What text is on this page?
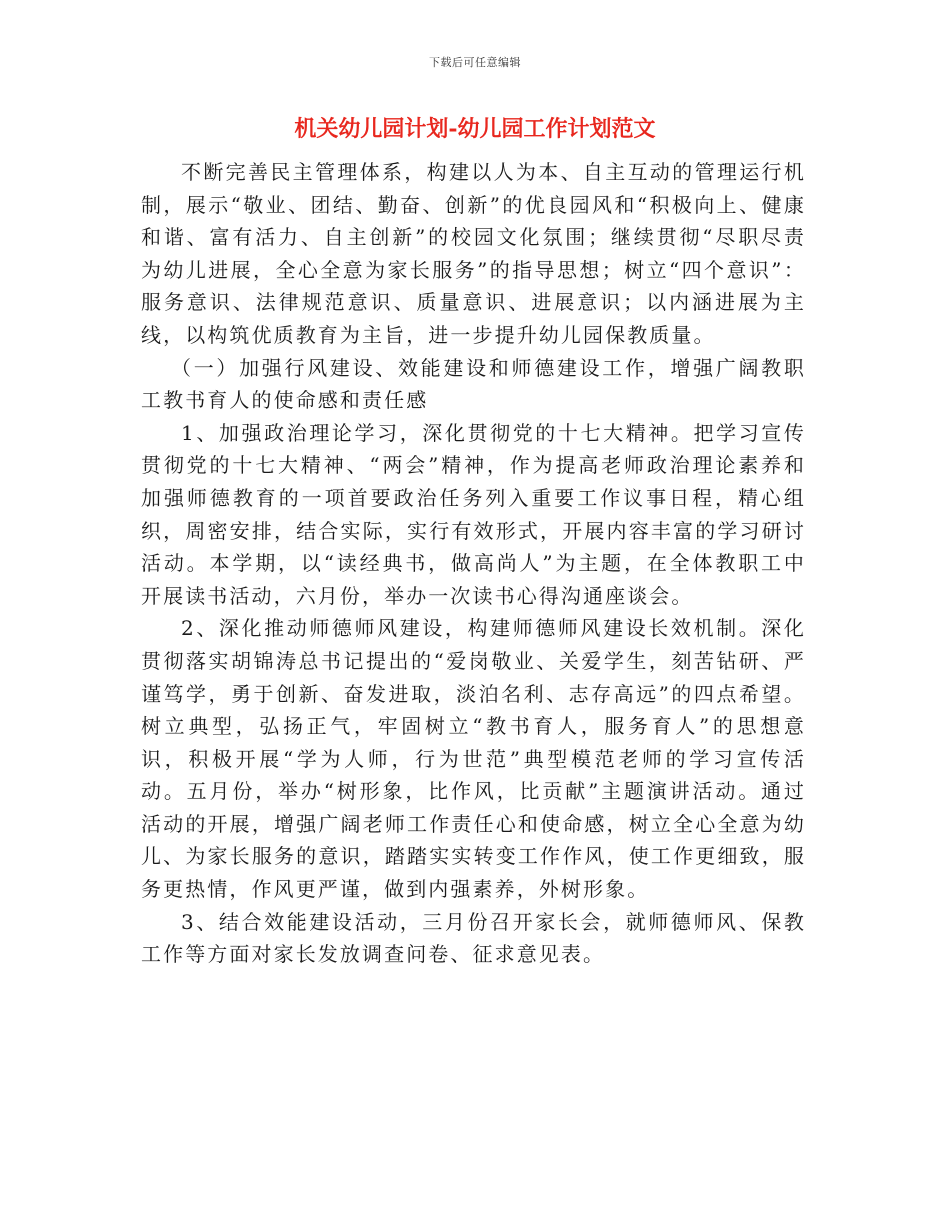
下载后可任意编辑
机关幼儿园计划-幼儿园工作计划范文

不断完善民主管理体系，构建以人为本、自主互动的管理运行机制，展示“敬业、团结、勤奋、创新”的优良园风和“积极向上、健康和谐、富有活力、自主创新”的校园文化氛围；继续贯彻“尽职尽责为幼儿进展，全心全意为家长服务”的指导思想；树立“四个意识”：服务意识、法律规范意识、质量意识、进展意识；以内涵进展为主线，以构筑优质教育为主旨，进一步提升幼儿园保教质量。

（一）加强行风建设、效能建设和师德建设工作，增强广阔教职工教书育人的使命感和责任感

1、加强政治理论学习，深化贯彻党的十七大精神。把学习宣传贯彻党的十七大精神、“两会”精神，作为提高老师政治理论素养和加强师德教育的一项首要政治任务列入重要工作议事日程，精心组织，周密安排，结合实际，实行有效形式，开展内容丰富的学习研讨活动。本学期，以“读经典书，做高尚人”为主题，在全体教职工中开展读书活动，六月份，举办一次读书心得沟通座谈会。

2、深化推动师德师风建设，构建师德师风建设长效机制。深化贯彻落实胡锦涛总书记提出的“爱岗敬业、关爱学生，刻苦钻研、严谨笃学，勇于创新、奋发进取，淡泊名利、志存高远”的四点希望。树立典型，弘扬正气，牢固树立“教书育人，服务育人”的思想意识，积极开展“学为人师，行为世范”典型模范老师的学习宣传活动。五月份，举办“树形象，比作风，比贡献”主题演讲活动。通过活动的开展，增强广阔老师工作责任心和使命感，树立全心全意为幼儿、为家长服务的意识，踏踏实实转变工作作风，使工作更细致，服务更热情，作风更严谨，做到内强素养，外树形象。

3、结合效能建设活动，三月份召开家长会，就师德师风、保教工作等方面对家长发放调查问卷、征求意见表。
